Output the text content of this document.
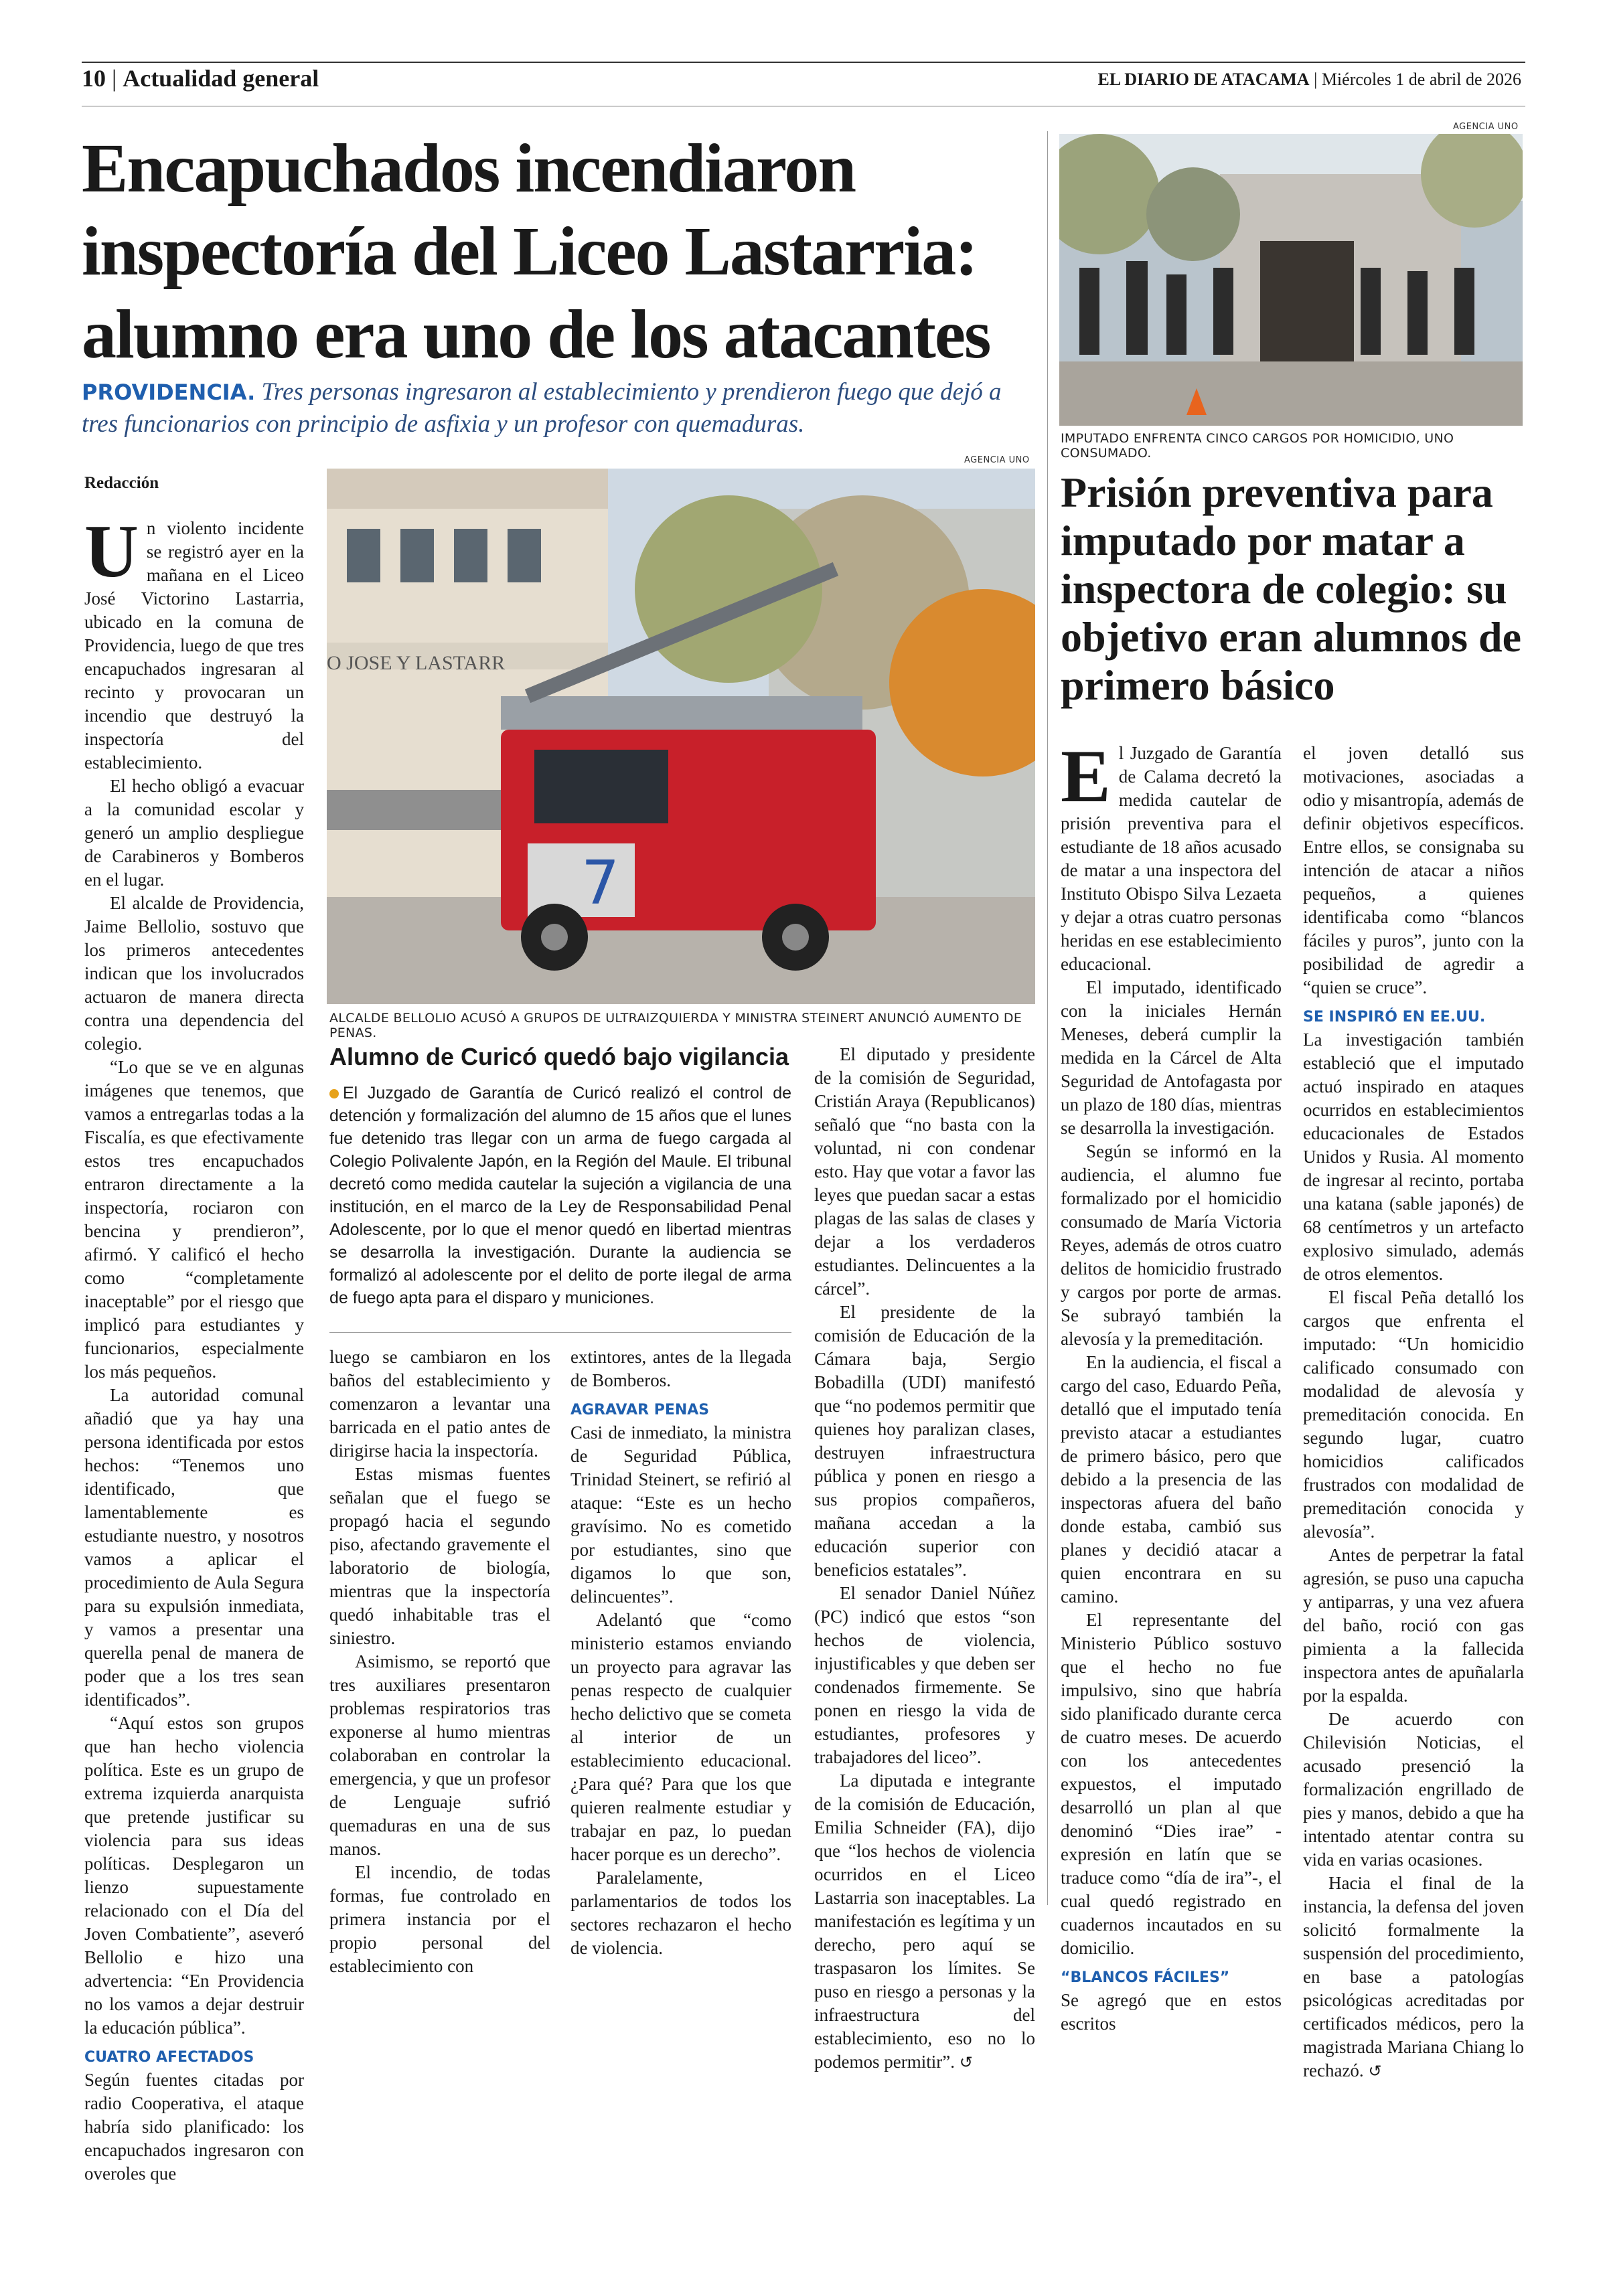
10 | Actualidad general	EL DIARIO DE ATACAMA | Miércoles 1 de abril de 2026
Encapuchados incendiaron inspectoría del Liceo Lastarria: alumno era uno de los atacantes
PROVIDENCIA. Tres personas ingresaron al establecimiento y prendieron fuego que dejó a tres funcionarios con principio de asfixia y un profesor con quemaduras.
AGENCIA UNO
O JOSE Y LASTARR
7
ALCALDE BELLOLIO ACUSÓ A GRUPOS DE ULTRAIZQUIERDA Y MINISTRA STEINERT ANUNCIÓ AUMENTO DE PENAS.
Redacción
U n violento incidente se registró ayer en la mañana en el Liceo José Victorino Lastarria, ubicado en la comuna de Providencia, luego de que tres encapuchados ingresaran al recinto y provocaran un incendio que destruyó la inspectoría del establecimiento.

El hecho obligó a evacuar a la comunidad escolar y generó un amplio despliegue de Carabineros y Bomberos en el lugar.

El alcalde de Providencia, Jaime Bellolio, sostuvo que los primeros antecedentes indican que los involucrados actuaron de manera directa contra una dependencia del colegio.

“Lo que se ve en algunas imágenes que tenemos, que vamos a entregarlas todas a la Fiscalía, es que efectivamente estos tres encapuchados entraron directamente a la inspectoría, rociaron con bencina y prendieron”, afirmó. Y calificó el hecho como “completamente inaceptable” por el riesgo que implicó para estudiantes y funcionarios, especialmente los más pequeños.

La autoridad comunal añadió que ya hay una persona identificada por estos hechos: “Tenemos uno identificado, que lamentablemente es estudiante nuestro, y nosotros vamos a aplicar el procedimiento de Aula Segura para su expulsión inmediata, y vamos a presentar una querella penal de manera de poder que a los tres sean identificados”.

“Aquí estos son grupos que han hecho violencia política. Este es un grupo de extrema izquierda anarquista que pretende justificar su violencia para sus ideas políticas. Desplegaron un lienzo supuestamente relacionado con el Día del Joven Combatiente”, aseveró Bellolio e hizo una advertencia: “En Providencia no los vamos a dejar destruir la educación pública”.

CUATRO AFECTADOS

Según fuentes citadas por radio Cooperativa, el ataque habría sido planificado: los encapuchados ingresaron con overoles que

Alumno de Curicó quedó bajo vigilancia
El Juzgado de Garantía de Curicó realizó el control de detención y formalización del alumno de 15 años que el lunes fue detenido tras llegar con un arma de fuego cargada al Colegio Polivalente Japón, en la Región del Maule. El tribunal decretó como medida cautelar la sujeción a vigilancia de una institución, en el marco de la Ley de Responsabilidad Penal Adolescente, por lo que el menor quedó en libertad mientras se desarrolla la investigación. Durante la audiencia se formalizó al adolescente por el delito de porte ilegal de arma de fuego apta para el disparo y municiones.

luego se cambiaron en los baños del establecimiento y comenzaron a levantar una barricada en el patio antes de dirigirse hacia la inspectoría.

Estas mismas fuentes señalan que el fuego se propagó hacia el segundo piso, afectando gravemente el laboratorio de biología, mientras que la inspectoría quedó inhabitable tras el siniestro.

Asimismo, se reportó que tres auxiliares presentaron problemas respiratorios tras exponerse al humo mientras colaboraban en controlar la emergencia, y que un profesor de Lenguaje sufrió quemaduras en una de sus manos.

El incendio, de todas formas, fue controlado en primera instancia por el propio personal del establecimiento con

extintores, antes de la llegada de Bomberos.

AGRAVAR PENAS

Casi de inmediato, la ministra de Seguridad Pública, Trinidad Steinert, se refirió al ataque: “Este es un hecho gravísimo. No es cometido por estudiantes, sino que digamos lo que son, delincuentes”.

Adelantó que “como ministerio estamos enviando un proyecto para agravar las penas respecto de cualquier hecho delictivo que se cometa al interior de un establecimiento educacional. ¿Para qué? Para que los que quieren realmente estudiar y trabajar en paz, lo puedan hacer porque es un derecho”.

Paralelamente, parlamentarios de todos los sectores rechazaron el hecho de violencia.

El diputado y presidente de la comisión de Seguridad, Cristián Araya (Republicanos) señaló que “no basta con la voluntad, ni con condenar esto. Hay que votar a favor las leyes que puedan sacar a estas plagas de las salas de clases y dejar a los verdaderos estudiantes. Delincuentes a la cárcel”.

El presidente de la comisión de Educación de la Cámara baja, Sergio Bobadilla (UDI) manifestó que “no podemos permitir que quienes hoy paralizan clases, destruyen infraestructura pública y ponen en riesgo a sus propios compañeros, mañana accedan a la educación superior con beneficios estatales”.

El senador Daniel Núñez (PC) indicó que estos “son hechos de violencia, injustificables y que deben ser condenados firmemente. Se ponen en riesgo la vida de estudiantes, profesores y trabajadores del liceo”.

La diputada e integrante de la comisión de Educación, Emilia Schneider (FA), dijo que “los hechos de violencia ocurridos en el Liceo Lastarria son inaceptables. La manifestación es legítima y un derecho, pero aquí se traspasaron los límites. Se puso en riesgo a personas y la infraestructura del establecimiento, eso no lo podemos permitir”. ↺

AGENCIA UNO
IMPUTADO ENFRENTA CINCO CARGOS POR HOMICIDIO, UNO CONSUMADO.
Prisión preventiva para imputado por matar a inspectora de colegio: su objetivo eran alumnos de primero básico
E l Juzgado de Garantía de Calama decretó la medida cautelar de prisión preventiva para el estudiante de 18 años acusado de matar a una inspectora del Instituto Obispo Silva Lezaeta y dejar a otras cuatro personas heridas en ese establecimiento educacional.

El imputado, identificado con la iniciales Hernán Meneses, deberá cumplir la medida en la Cárcel de Alta Seguridad de Antofagasta por un plazo de 180 días, mientras se desarrolla la investigación.

Según se informó en la audiencia, el alumno fue formalizado por el homicidio consumado de María Victoria Reyes, además de otros cuatro delitos de homicidio frustrado y cargos por porte de armas. Se subrayó también la alevosía y la premeditación.

En la audiencia, el fiscal a cargo del caso, Eduardo Peña, detalló que el imputado tenía previsto atacar a estudiantes de primero básico, pero que debido a la presencia de las inspectoras afuera del baño donde estaba, cambió sus planes y decidió atacar a quien encontrara en su camino.

El representante del Ministerio Público sostuvo que el hecho no fue impulsivo, sino que habría sido planificado durante cerca de cuatro meses. De acuerdo con los antecedentes expuestos, el imputado desarrolló un plan al que denominó “Dies irae” -expresión en latín que se traduce como “día de ira”-, el cual quedó registrado en cuadernos incautados en su domicilio.

“BLANCOS FÁCILES”

Se agregó que en estos escritos

el joven detalló sus motivaciones, asociadas a odio y misantropía, además de definir objetivos específicos. Entre ellos, se consignaba su intención de atacar a niños pequeños, a quienes identificaba como “blancos fáciles y puros”, junto con la posibilidad de agredir a “quien se cruce”.

SE INSPIRÓ EN EE.UU.

La investigación también estableció que el imputado actuó inspirado en ataques ocurridos en establecimientos educacionales de Estados Unidos y Rusia. Al momento de ingresar al recinto, portaba una katana (sable japonés) de 68 centímetros y un artefacto explosivo simulado, además de otros elementos.

El fiscal Peña detalló los cargos que enfrenta el imputado: “Un homicidio calificado consumado con modalidad de alevosía y premeditación conocida. En segundo lugar, cuatro homicidios calificados frustrados con modalidad de premeditación conocida y alevosía”.

Antes de perpetrar la fatal agresión, se puso una capucha y antiparras, y una vez afuera del baño, roció con gas pimienta a la fallecida inspectora antes de apuñalarla por la espalda.

De acuerdo con Chilevisión Noticias, el acusado presenció la formalización engrillado de pies y manos, debido a que ha intentado atentar contra su vida en varias ocasiones.

Hacia el final de la instancia, la defensa del joven solicitó formalmente la suspensión del procedimiento, en base a patologías psicológicas acreditadas por certificados médicos, pero la magistrada Mariana Chiang lo rechazó. ↺
